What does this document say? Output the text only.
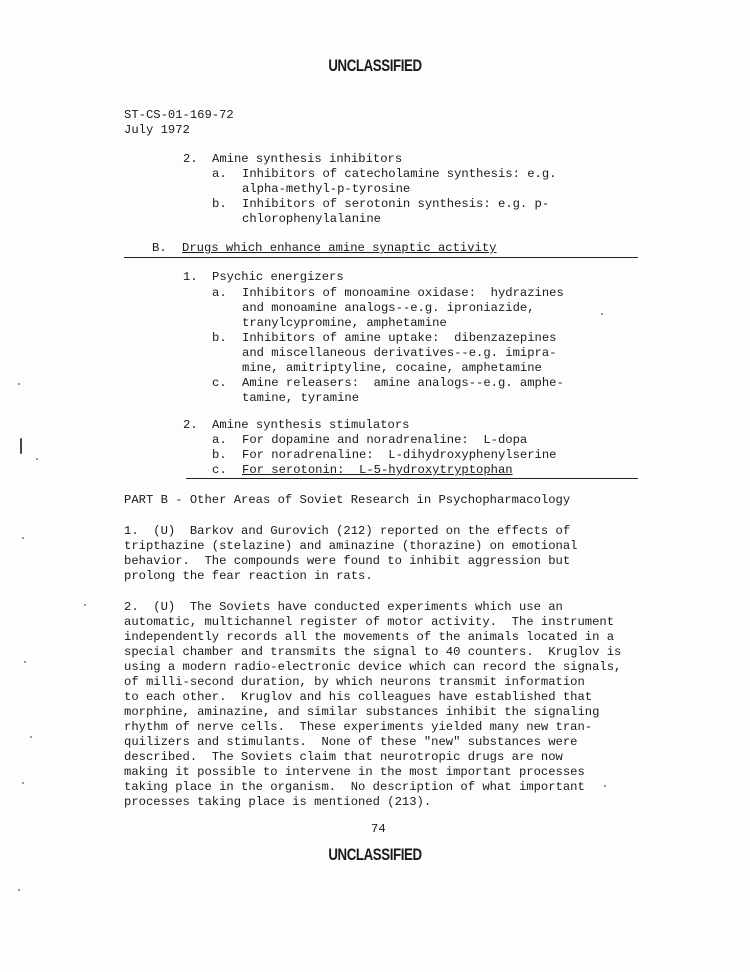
UNCLASSIFIED
ST-CS-01-169-72
July 1972
2. Amine synthesis inhibitors
a. Inhibitors of catecholamine synthesis: e.g.
alpha-methyl-p-tyrosine
b. Inhibitors of serotonin synthesis: e.g. p-
chlorophenylalanine
B. Drugs which enhance amine synaptic activity
1. Psychic energizers
a. Inhibitors of monoamine oxidase:  hydrazines
and monoamine analogs--e.g. iproniazide,
tranylcypromine, amphetamine
b. Inhibitors of amine uptake:  dibenzazepines
and miscellaneous derivatives--e.g. imipra-
mine, amitriptyline, cocaine, amphetamine
c. Amine releasers:  amine analogs--e.g. amphe-
tamine, tyramine
2. Amine synthesis stimulators
a. For dopamine and noradrenaline:  L-dopa
b. For noradrenaline:  L-dihydroxyphenylserine
c. For serotonin:  L-5-hydroxytryptophan
PART B - Other Areas of Soviet Research in Psychopharmacology
1.  (U)  Barkov and Gurovich (212) reported on the effects of
tripthazine (stelazine) and aminazine (thorazine) on emotional
behavior.  The compounds were found to inhibit aggression but
prolong the fear reaction in rats.
2.  (U)  The Soviets have conducted experiments which use an
automatic, multichannel register of motor activity.  The instrument
independently records all the movements of the animals located in a
special chamber and transmits the signal to 40 counters.  Kruglov is
using a modern radio-electronic device which can record the signals,
of milli-second duration, by which neurons transmit information
to each other.  Kruglov and his colleagues have established that
morphine, aminazine, and similar substances inhibit the signaling
rhythm of nerve cells.  These experiments yielded many new tran-
quilizers and stimulants.  None of these "new" substances were
described.  The Soviets claim that neurotropic drugs are now
making it possible to intervene in the most important processes
taking place in the organism.  No description of what important
processes taking place is mentioned (213).
74
UNCLASSIFIED
